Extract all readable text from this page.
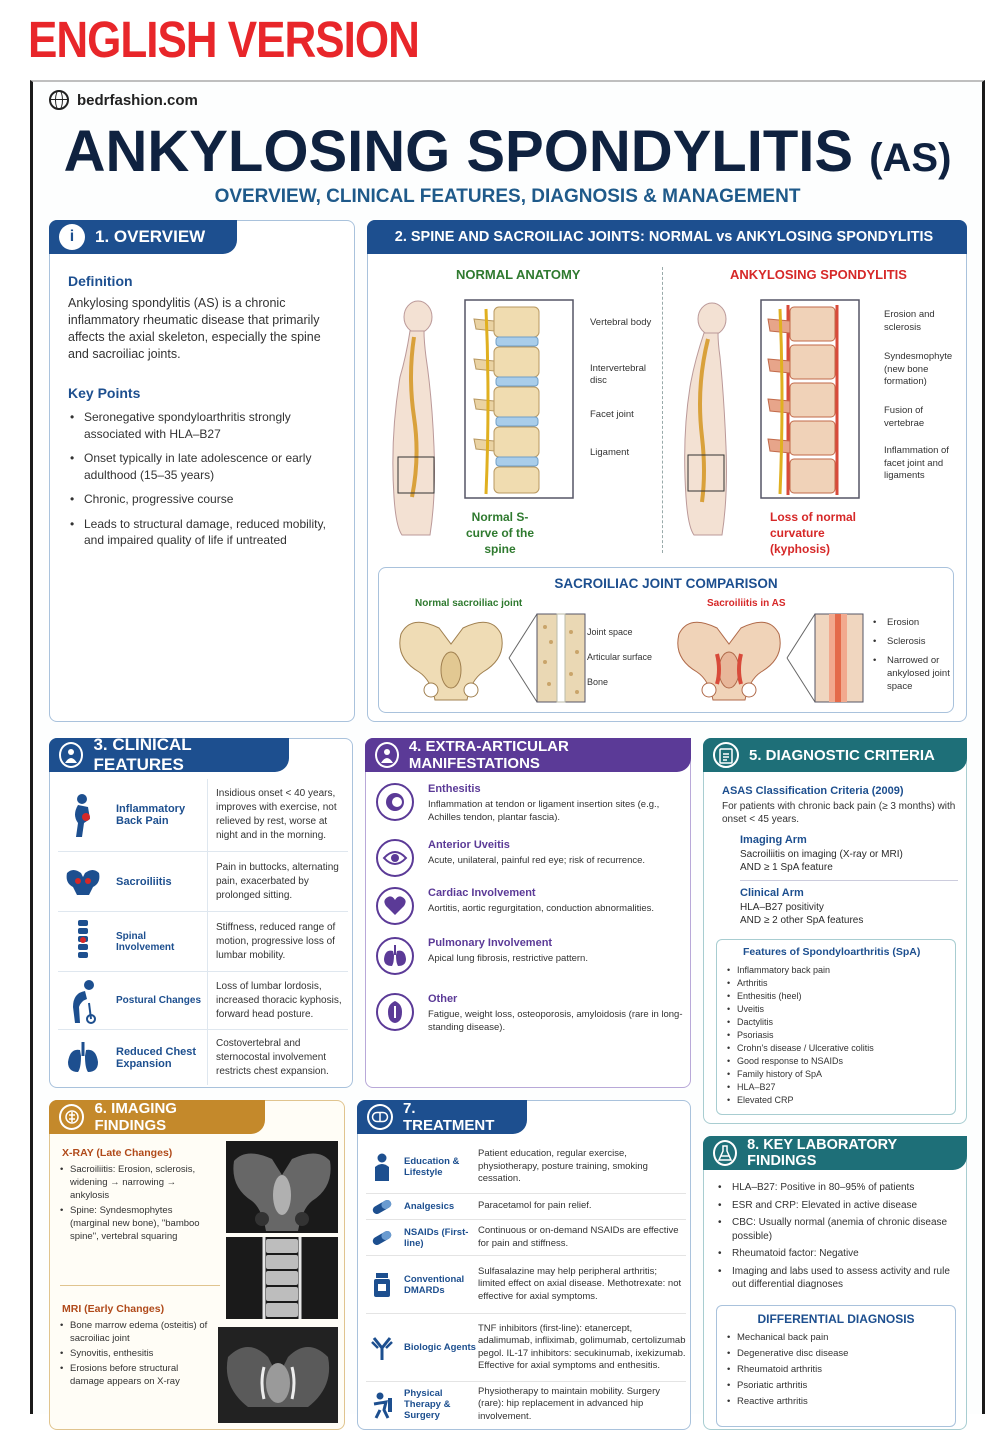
ENGLISH VERSION
bedrfashion.com
ANKYLOSING SPONDYLITIS (AS)
OVERVIEW, CLINICAL FEATURES, DIAGNOSIS & MANAGEMENT
i	1. OVERVIEW
Definition
Ankylosing spondylitis (AS) is a chronic inflammatory rheumatic disease that primarily affects the axial skeleton, especially the spine and sacroiliac joints.
Key Points
• Seronegative spondyloarthritis strongly associated with HLA–B27
• Onset typically in late adolescence or early adulthood (15–35 years)
• Chronic, progressive course
• Leads to structural damage, reduced mobility, and impaired quality of life if untreated
2. SPINE AND SACROILIAC JOINTS: NORMAL vs ANKYLOSING SPONDYLITIS
NORMAL ANATOMY	ANKYLOSING SPONDYLITIS
Vertebral body
Intervertebral disc
Facet joint
Ligament
Normal S-curve of the spine
Erosion and sclerosis
Syndesmophyte (new bone formation)
Fusion of vertebrae
Inflammation of facet joint and ligaments
Loss of normal curvature (kyphosis)
SACROILIAC JOINT COMPARISON
Normal sacroiliac joint	Sacroiliitis in AS
Joint space
Articular surface
Bone
• Erosion
• Sclerosis
• Narrowed or ankylosed joint space
3. CLINICAL FEATURES
Inflammatory Back Pain
Insidious onset < 40 years, improves with exercise, not relieved by rest, worse at night and in the morning.
Sacroiliitis
Pain in buttocks, alternating pain, exacerbated by prolonged sitting.
Spinal Involvement
Stiffness, reduced range of motion, progressive loss of lumbar mobility.
Postural Changes
Loss of lumbar lordosis, increased thoracic kyphosis, forward head posture.
Reduced Chest Expansion
Costovertebral and sternocostal involvement restricts chest expansion.
4. EXTRA-ARTICULAR MANIFESTATIONS
Enthesitis
Inflammation at tendon or ligament insertion sites (e.g., Achilles tendon, plantar fascia).
Anterior Uveitis
Acute, unilateral, painful red eye; risk of recurrence.
Cardiac Involvement
Aortitis, aortic regurgitation, conduction abnormalities.
Pulmonary Involvement
Apical lung fibrosis, restrictive pattern.
Other
Fatigue, weight loss, osteoporosis, amyloidosis (rare in long-standing disease).
5. DIAGNOSTIC CRITERIA
ASAS Classification Criteria (2009)
For patients with chronic back pain (≥ 3 months) with onset < 45 years.
Imaging Arm
Sacroiliitis on imaging (X-ray or MRI)
AND ≥ 1 SpA feature
Clinical Arm
HLA–B27 positivity
AND ≥ 2 other SpA features
Features of Spondyloarthritis (SpA)
• Inflammatory back pain
• Arthritis
• Enthesitis (heel)
• Uveitis
• Dactylitis
• Psoriasis
• Crohn's disease / Ulcerative colitis
• Good response to NSAIDs
• Family history of SpA
• HLA–B27
• Elevated CRP
6. IMAGING FINDINGS
X-RAY (Late Changes)
• Sacroiliitis: Erosion, sclerosis, widening → narrowing → ankylosis
• Spine: Syndesmophytes (marginal new bone), "bamboo spine", vertebral squaring
MRI (Early Changes)
• Bone marrow edema (osteitis) of sacroiliac joint
• Synovitis, enthesitis
• Erosions before structural damage appears on X-ray
7. TREATMENT
Education & Lifestyle
Patient education, regular exercise, physiotherapy, posture training, smoking cessation.
Analgesics	Paracetamol for pain relief.
NSAIDs (First-line)
Continuous or on-demand NSAIDs are effective for pain and stiffness.
Conventional DMARDs
Sulfasalazine may help peripheral arthritis; limited effect on axial disease. Methotrexate: not effective for axial symptoms.
Biologic Agents
TNF inhibitors (first-line): etanercept, adalimumab, infliximab, golimumab, certolizumab pegol. IL-17 inhibitors: secukinumab, ixekizumab. Effective for axial symptoms and enthesitis.
Physical Therapy & Surgery
Physiotherapy to maintain mobility. Surgery (rare): hip replacement in advanced hip involvement.
8. KEY LABORATORY FINDINGS
• HLA–B27: Positive in 80–95% of patients
• ESR and CRP: Elevated in active disease
• CBC: Usually normal (anemia of chronic disease possible)
• Rheumatoid factor: Negative
• Imaging and labs used to assess activity and rule out differential diagnoses
DIFFERENTIAL DIAGNOSIS
• Mechanical back pain
• Degenerative disc disease
• Rheumatoid arthritis
• Psoriatic arthritis
• Reactive arthritis
